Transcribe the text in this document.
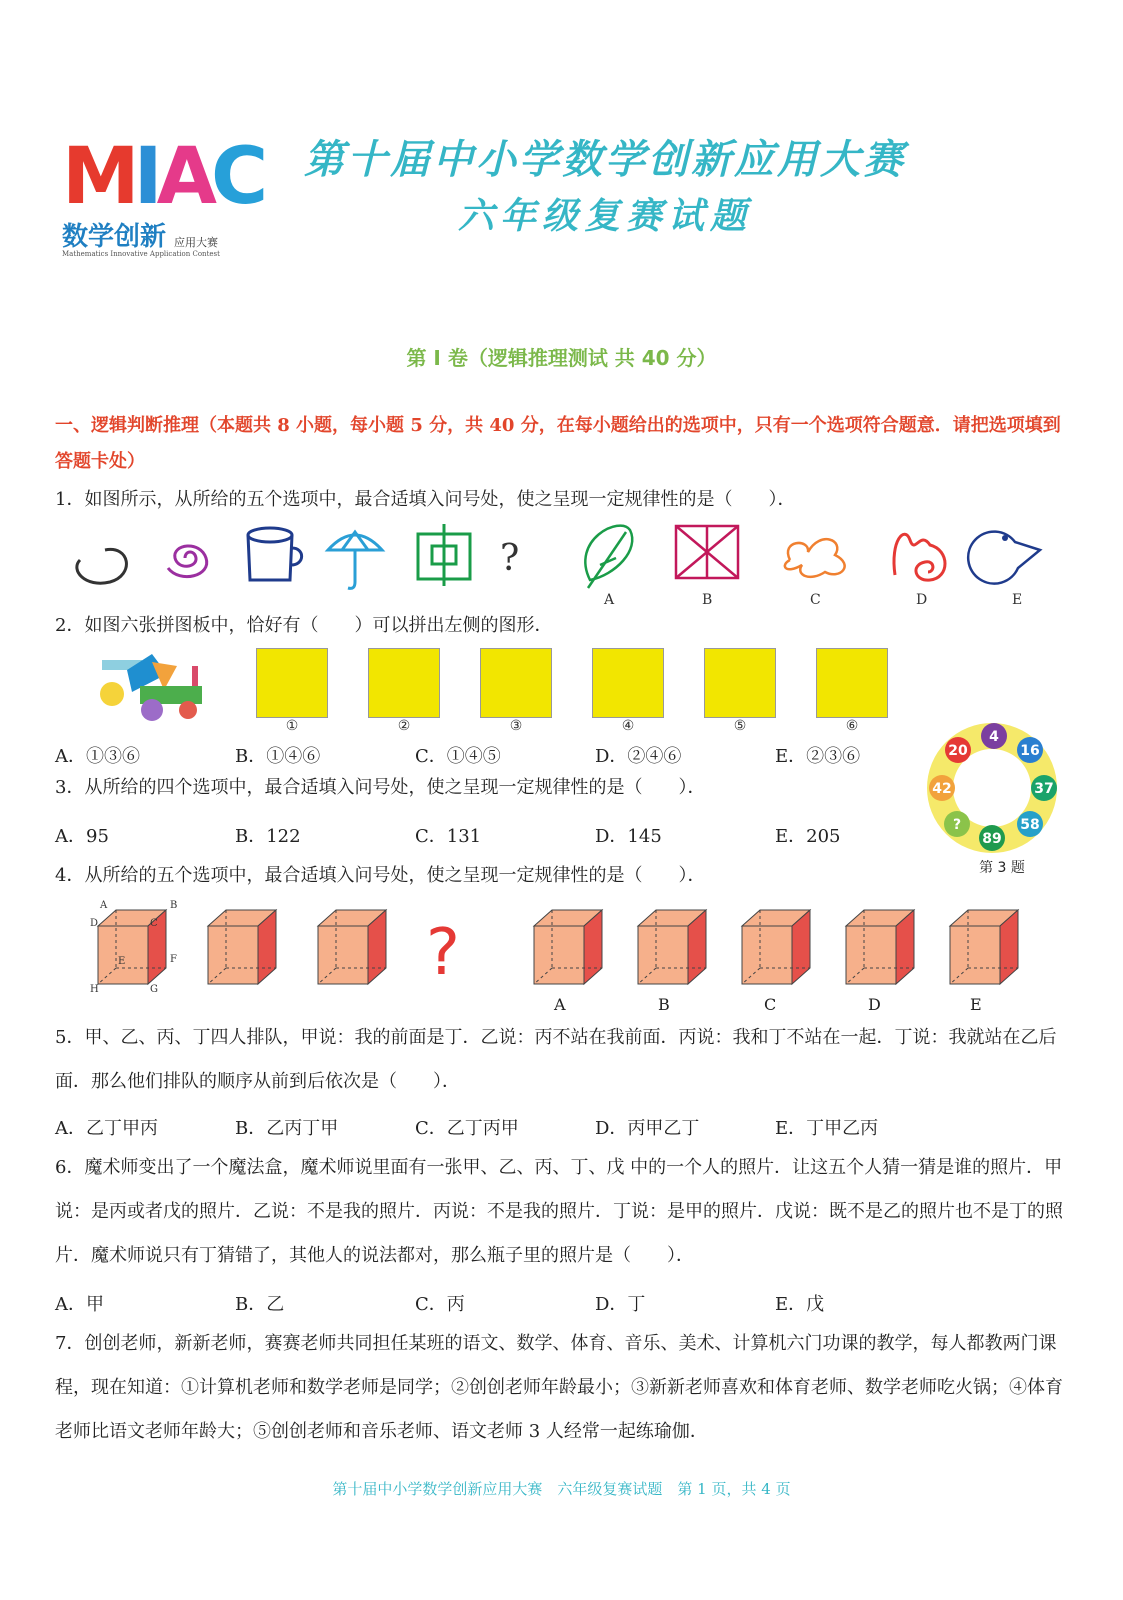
MIAC
数学创新 应用大赛
Mathematics Innovative Application Contest
第十届中小学数学创新应用大赛
六年级复赛试题
第 I 卷（逻辑推理测试 共 40 分）
一、逻辑判断推理（本题共 8 小题，每小题 5 分，共 40 分，在每小题给出的选项中，只有一个选项符合题意．请把选项填到答题卡处）
1．如图所示，从所给的五个选项中，最合适填入问号处，使之呈现一定规律性的是（　　）．
?
A	B	C	D	E
2．如图六张拼图板中，恰好有（　　）可以拼出左侧的图形．
①	②	③	④	⑤	⑥
A．①③⑥	B．①④⑥	C．①④⑤	D．②④⑥	E．②③⑥
3．从所给的四个选项中，最合适填入问号处，使之呈现一定规律性的是（　　）．
A．95	B．122	C．131	D．145	E．205
4
16
37
58
89
?
42
20
第 3 题
4．从所给的五个选项中，最合适填入问号处，使之呈现一定规律性的是（　　）．
?
A	B
D	C
H	G
E	F
A	B	C	D	E
5．甲、乙、丙、丁四人排队，甲说：我的前面是丁．乙说：丙不站在我前面．丙说：我和丁不站在一起．丁说：我就站在乙后面．那么他们排队的顺序从前到后依次是（　　）．
A．乙丁甲丙	B．乙丙丁甲	C．乙丁丙甲	D．丙甲乙丁	E．丁甲乙丙
6．魔术师变出了一个魔法盒，魔术师说里面有一张甲、乙、丙、丁、戊 中的一个人的照片．让这五个人猜一猜是谁的照片．甲说：是丙或者戊的照片．乙说：不是我的照片．丙说：不是我的照片．丁说：是甲的照片．戊说：既不是乙的照片也不是丁的照片．魔术师说只有丁猜错了，其他人的说法都对，那么瓶子里的照片是（　　）．
A．甲	B．乙	C．丙	D．丁	E．戊
7．创创老师，新新老师，赛赛老师共同担任某班的语文、数学、体育、音乐、美术、计算机六门功课的教学，每人都教两门课程，现在知道：①计算机老师和数学老师是同学；②创创老师年龄最小；③新新老师喜欢和体育老师、数学老师吃火锅；④体育老师比语文老师年龄大；⑤创创老师和音乐老师、语文老师 3 人经常一起练瑜伽．
第十届中小学数学创新应用大赛　六年级复赛试题　第 1 页，共 4 页
